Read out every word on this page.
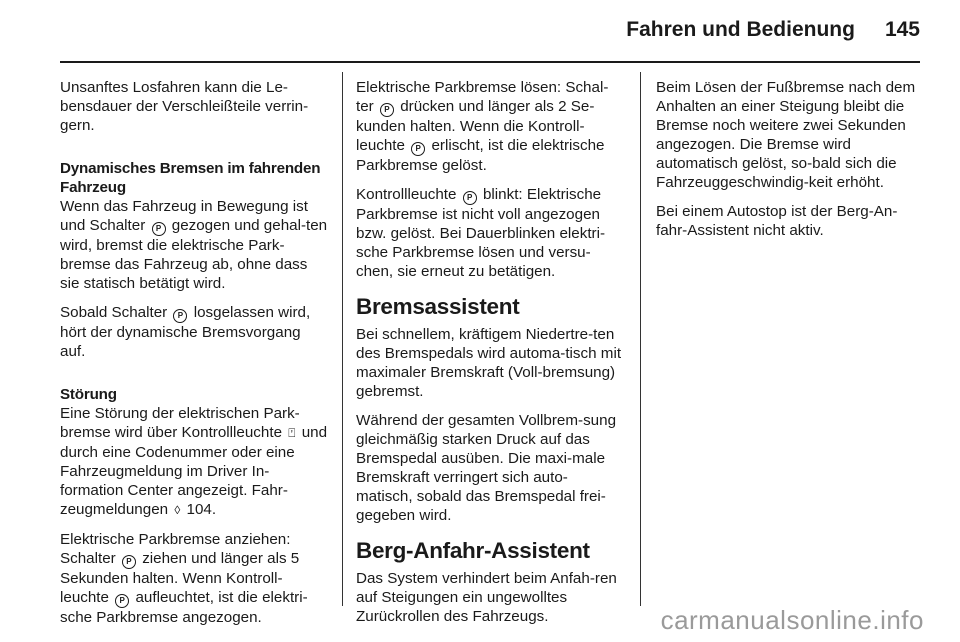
Fahren und Bedienung 145

Unsanftes Losfahren kann die Le-bensdauer der Verschleißteile verrin-gern.

Dynamisches Bremsen im fahrenden Fahrzeug

Wenn das Fahrzeug in Bewegung ist und Schalter P gezogen und gehal-ten wird, bremst die elektrische Park-bremse das Fahrzeug ab, ohne dass sie statisch betätigt wird.

Sobald Schalter P losgelassen wird, hört der dynamische Bremsvorgang auf.

Störung

Eine Störung der elektrischen Park-bremse wird über Kontrollleuchte ⍞ und durch eine Codenummer oder eine Fahrzeugmeldung im Driver In-formation Center angezeigt. Fahr-zeugmeldungen ◊ 104.

Elektrische Parkbremse anziehen: Schalter P ziehen und länger als 5 Sekunden halten. Wenn Kontroll-leuchte P aufleuchtet, ist die elektri-sche Parkbremse angezogen.

Elektrische Parkbremse lösen: Schal-ter P drücken und länger als 2 Se-kunden halten. Wenn die Kontroll-leuchte P erlischt, ist die elektrische Parkbremse gelöst.

Kontrollleuchte P blinkt: Elektrische Parkbremse ist nicht voll angezogen bzw. gelöst. Bei Dauerblinken elektri-sche Parkbremse lösen und versu-chen, sie erneut zu betätigen.

Bremsassistent

Bei schnellem, kräftigem Niedertre-ten des Bremspedals wird automa-tisch mit maximaler Bremskraft (Voll-bremsung) gebremst.

Während der gesamten Vollbrem-sung gleichmäßig starken Druck auf das Bremspedal ausüben. Die maxi-male Bremskraft verringert sich auto-matisch, sobald das Bremspedal frei-gegeben wird.

Berg-Anfahr-Assistent

Das System verhindert beim Anfah-ren auf Steigungen ein ungewolltes Zurückrollen des Fahrzeugs.

Beim Lösen der Fußbremse nach dem Anhalten an einer Steigung bleibt die Bremse noch weitere zwei Sekunden angezogen. Die Bremse wird automatisch gelöst, so-bald sich die Fahrzeuggeschwindig-keit erhöht.

Bei einem Autostop ist der Berg-An-fahr-Assistent nicht aktiv.

carmanualsonline.info
